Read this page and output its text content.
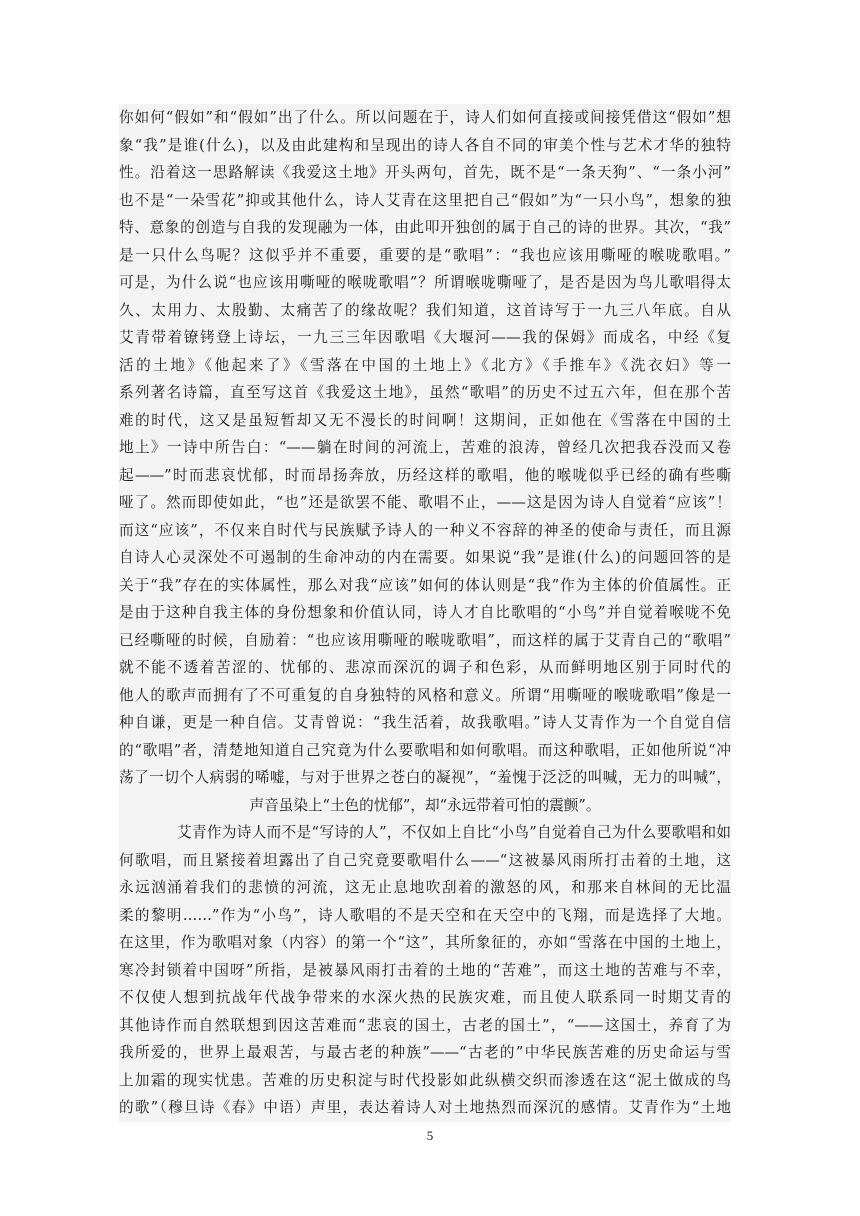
你如何“假如”和“假如”出了什么。所以问题在于，诗人们如何直接或间接凭借这“假如”想
象“我”是谁(什么)，以及由此建构和呈现出的诗人各自不同的审美个性与艺术才华的独特
性。沿着这一思路解读《我爱这土地》开头两句，首先，既不是“一条天狗”、“一条小河”
也不是“一朵雪花”抑或其他什么，诗人艾青在这里把自己“假如”为“一只小鸟”，想象的独
特、意象的创造与自我的发现融为一体，由此叩开独创的属于自己的诗的世界。其次，“我”
是一只什么鸟呢？这似乎并不重要，重要的是“歌唱”：“我也应该用嘶哑的喉咙歌唱。”
可是，为什么说“也应该用嘶哑的喉咙歌唱”？所谓喉咙嘶哑了，是否是因为鸟儿歌唱得太
久、太用力、太殷勤、太痛苦了的缘故呢？我们知道，这首诗写于一九三八年底。自从
艾青带着镣铐登上诗坛，一九三三年因歌唱《大堰河——我的保姆》而成名，中经《复
活的土地》《他起来了》《雪落在中国的土地上》《北方》《手推车》《洗衣妇》等一
系列著名诗篇，直至写这首《我爱这土地》，虽然“歌唱”的历史不过五六年，但在那个苦
难的时代，这又是虽短暂却又无不漫长的时间啊！这期间，正如他在《雪落在中国的土
地上》一诗中所告白：“——躺在时间的河流上，苦难的浪涛，曾经几次把我吞没而又卷
起——”时而悲哀忧郁，时而昂扬奔放，历经这样的歌唱，他的喉咙似乎已经的确有些嘶
哑了。然而即使如此，“也”还是欲罢不能、歌唱不止，——这是因为诗人自觉着“应该”！
而这“应该”，不仅来自时代与民族赋予诗人的一种义不容辞的神圣的使命与责任，而且源
自诗人心灵深处不可遏制的生命冲动的内在需要。如果说“我”是谁(什么)的问题回答的是
关于“我”存在的实体属性，那么对我“应该”如何的体认则是“我”作为主体的价值属性。正
是由于这种自我主体的身份想象和价值认同，诗人才自比歌唱的“小鸟”并自觉着喉咙不免
已经嘶哑的时候，自励着：“也应该用嘶哑的喉咙歌唱”，而这样的属于艾青自己的“歌唱”
就不能不透着苦涩的、忧郁的、悲凉而深沉的调子和色彩，从而鲜明地区别于同时代的
他人的歌声而拥有了不可重复的自身独特的风格和意义。所谓“用嘶哑的喉咙歌唱”像是一
种自谦，更是一种自信。艾青曾说：“我生活着，故我歌唱。”诗人艾青作为一个自觉自信
的“歌唱”者，清楚地知道自己究竟为什么要歌唱和如何歌唱。而这种歌唱，正如他所说“冲
荡了一切个人病弱的唏嘘，与对于世界之苍白的凝视”，“羞愧于泛泛的叫喊，无力的叫喊”，
声音虽染上“土色的忧郁”，却“永远带着可怕的震颤”。
艾青作为诗人而不是“写诗的人”，不仅如上自比“小鸟”自觉着自己为什么要歌唱和如
何歌唱，而且紧接着坦露出了自己究竟要歌唱什么——“这被暴风雨所打击着的土地，这
永远汹涌着我们的悲愤的河流，这无止息地吹刮着的激怒的风，和那来自林间的无比温
柔的黎明……”作为“小鸟”，诗人歌唱的不是天空和在天空中的飞翔，而是选择了大地。
在这里，作为歌唱对象（内容）的第一个“这”，其所象征的，亦如“雪落在中国的土地上，
寒冷封锁着中国呀”所指，是被暴风雨打击着的土地的“苦难”，而这土地的苦难与不幸，
不仅使人想到抗战年代战争带来的水深火热的民族灾难，而且使人联系同一时期艾青的
其他诗作而自然联想到因这苦难而“悲哀的国土，古老的国土”，“——这国土，养育了为
我所爱的，世界上最艰苦，与最古老的种族”——“古老的”中华民族苦难的历史命运与雪
上加霜的现实忧患。苦难的历史积淀与时代投影如此纵横交织而渗透在这“泥土做成的鸟
的歌”（穆旦诗《春》中语）声里，表达着诗人对土地热烈而深沉的感情。艾青作为“土地
5
